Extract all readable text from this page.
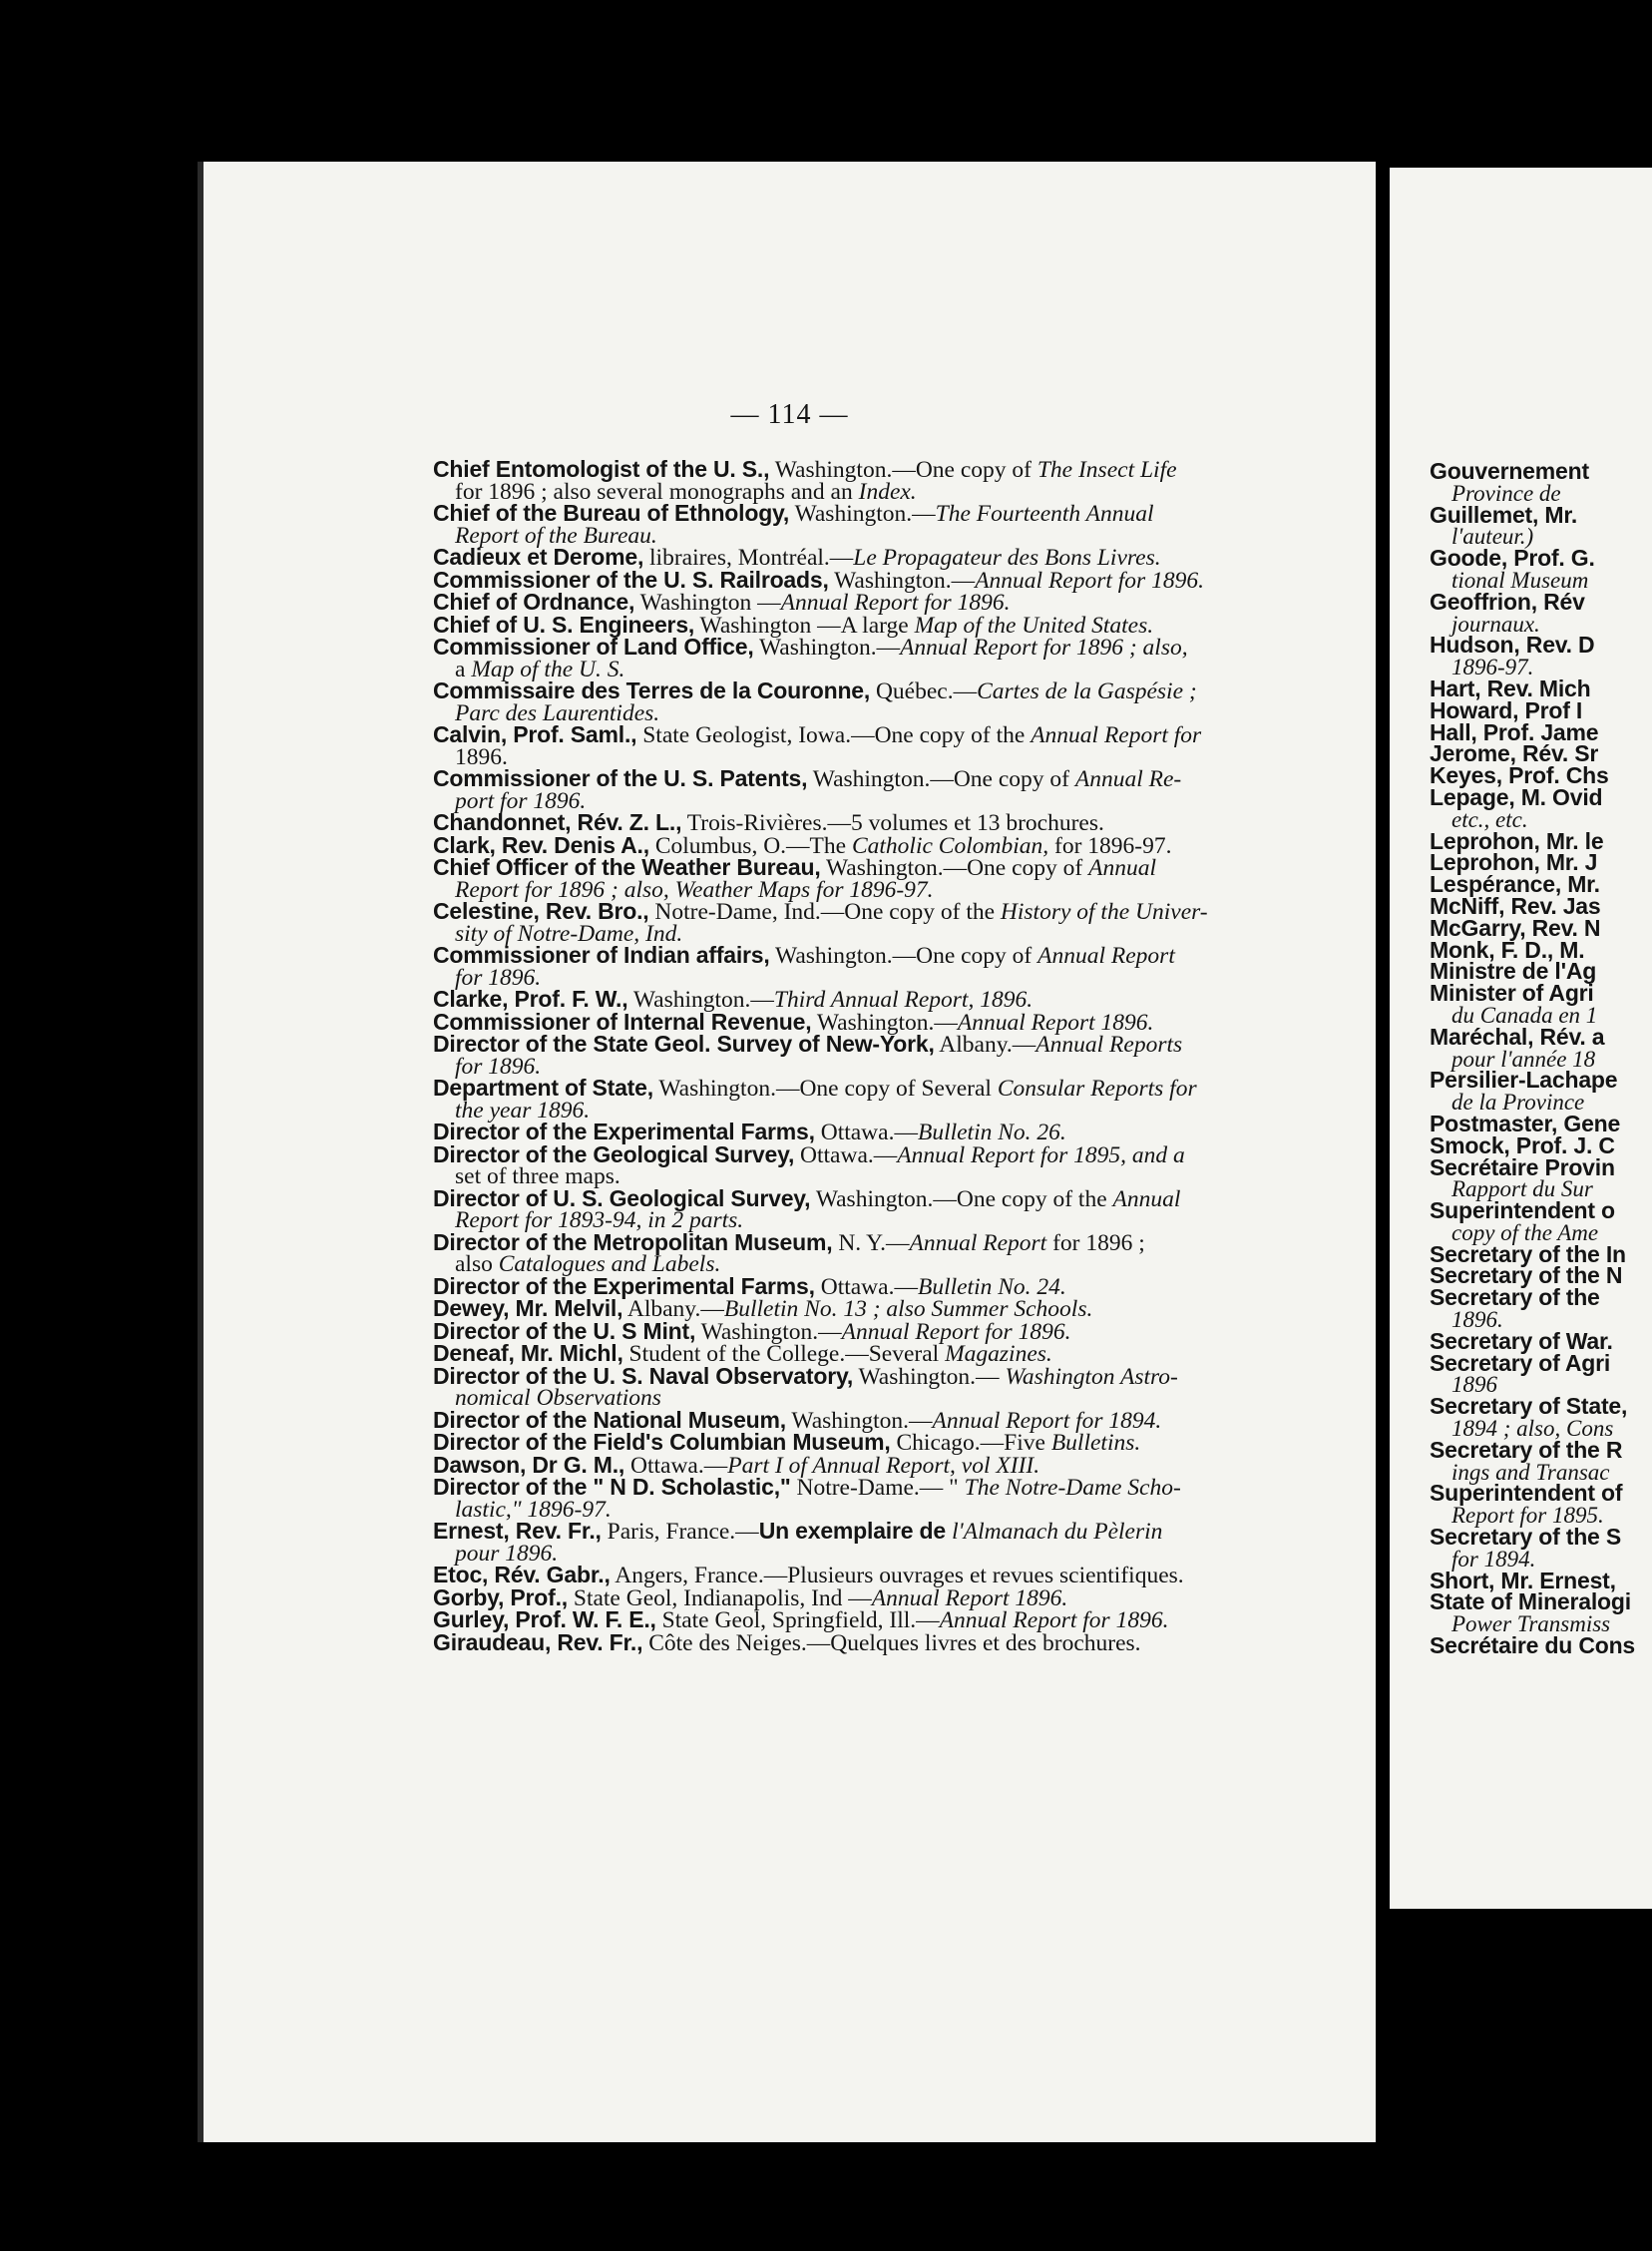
— 114 —
Chief Entomologist of the U. S., Washington.—One copy of The Insect Life
for 1896 ; also several monographs and an Index.
Chief of the Bureau of Ethnology, Washington.—The Fourteenth Annual
Report of the Bureau.
Cadieux et Derome, libraires, Montréal.—Le Propagateur des Bons Livres.
Commissioner of the U. S. Railroads, Washington.—Annual Report for 1896.
Chief of Ordnance, Washington —Annual Report for 1896.
Chief of U. S. Engineers, Washington —A large Map of the United States.
Commissioner of Land Office, Washington.—Annual Report for 1896 ; also,
a Map of the U. S.
Commissaire des Terres de la Couronne, Québec.—Cartes de la Gaspésie ;
Parc des Laurentides.
Calvin, Prof. Saml., State Geologist, Iowa.—One copy of the Annual Report for
1896.
Commissioner of the U. S. Patents, Washington.—One copy of Annual Re-
port for 1896.
Chandonnet, Rév. Z. L., Trois-Rivières.—5 volumes et 13 brochures.
Clark, Rev. Denis A., Columbus, O.—The Catholic Colombian, for 1896-97.
Chief Officer of the Weather Bureau, Washington.—One copy of Annual
Report for 1896 ; also, Weather Maps for 1896-97.
Celestine, Rev. Bro., Notre-Dame, Ind.—One copy of the History of the Univer-
sity of Notre-Dame, Ind.
Commissioner of Indian affairs, Washington.—One copy of Annual Report
for 1896.
Clarke, Prof. F. W., Washington.—Third Annual Report, 1896.
Commissioner of Internal Revenue, Washington.—Annual Report 1896.
Director of the State Geol. Survey of New-York, Albany.—Annual Reports
for 1896.
Department of State, Washington.—One copy of Several Consular Reports for
the year 1896.
Director of the Experimental Farms, Ottawa.—Bulletin No. 26.
Director of the Geological Survey, Ottawa.—Annual Report for 1895, and a
set of three maps.
Director of U. S. Geological Survey, Washington.—One copy of the Annual
Report for 1893-94, in 2 parts.
Director of the Metropolitan Museum, N. Y.—Annual Report for 1896 ;
also Catalogues and Labels.
Director of the Experimental Farms, Ottawa.—Bulletin No. 24.
Dewey, Mr. Melvil, Albany.—Bulletin No. 13 ; also Summer Schools.
Director of the U. S Mint, Washington.—Annual Report for 1896.
Deneaf, Mr. Michl, Student of the College.—Several Magazines.
Director of the U. S. Naval Observatory, Washington.— Washington Astro-
nomical Observations
Director of the National Museum, Washington.—Annual Report for 1894.
Director of the Field's Columbian Museum, Chicago.—Five Bulletins.
Dawson, Dr G. M., Ottawa.—Part I of Annual Report, vol XIII.
Director of the " N D. Scholastic," Notre-Dame.— " The Notre-Dame Scho-
lastic," 1896-97.
Ernest, Rev. Fr., Paris, France.—Un exemplaire de l'Almanach du Pèlerin
pour 1896.
Etoc, Rév. Gabr., Angers, France.—Plusieurs ouvrages et revues scientifiques.
Gorby, Prof., State Geol, Indianapolis, Ind —Annual Report 1896.
Gurley, Prof. W. F. E., State Geol, Springfield, Ill.—Annual Report for 1896.
Giraudeau, Rev. Fr., Côte des Neiges.—Quelques livres et des brochures.
Gouvernement
Province de
Guillemet, Mr.
l'auteur.)
Goode, Prof. G.
tional Museum
Geoffrion, Rév
journaux.
Hudson, Rev. D
1896-97.
Hart, Rev. Mich
Howard, Prof I
Hall, Prof. Jame
Jerome, Rév. Sr
Keyes, Prof. Chs
Lepage, M. Ovid
etc., etc.
Leprohon, Mr. le
Leprohon, Mr. J
Lespérance, Mr.
McNiff, Rev. Jas
McGarry, Rev. N
Monk, F. D., M.
Ministre de l'Ag
Minister of Agri
du Canada en 1
Maréchal, Rév. a
pour l'année 18
Persilier-Lachape
de la Province
Postmaster, Gene
Smock, Prof. J. C
Secrétaire Provin
Rapport du Sur
Superintendent o
copy of the Ame
Secretary of the In
Secretary of the N
Secretary of the
1896.
Secretary of War.
Secretary of Agri
1896
Secretary of State,
1894 ; also, Cons
Secretary of the R
ings and Transac
Superintendent of
Report for 1895.
Secretary of the S
for 1894.
Short, Mr. Ernest,
State of Mineralogi
Power Transmiss
Secrétaire du Cons
